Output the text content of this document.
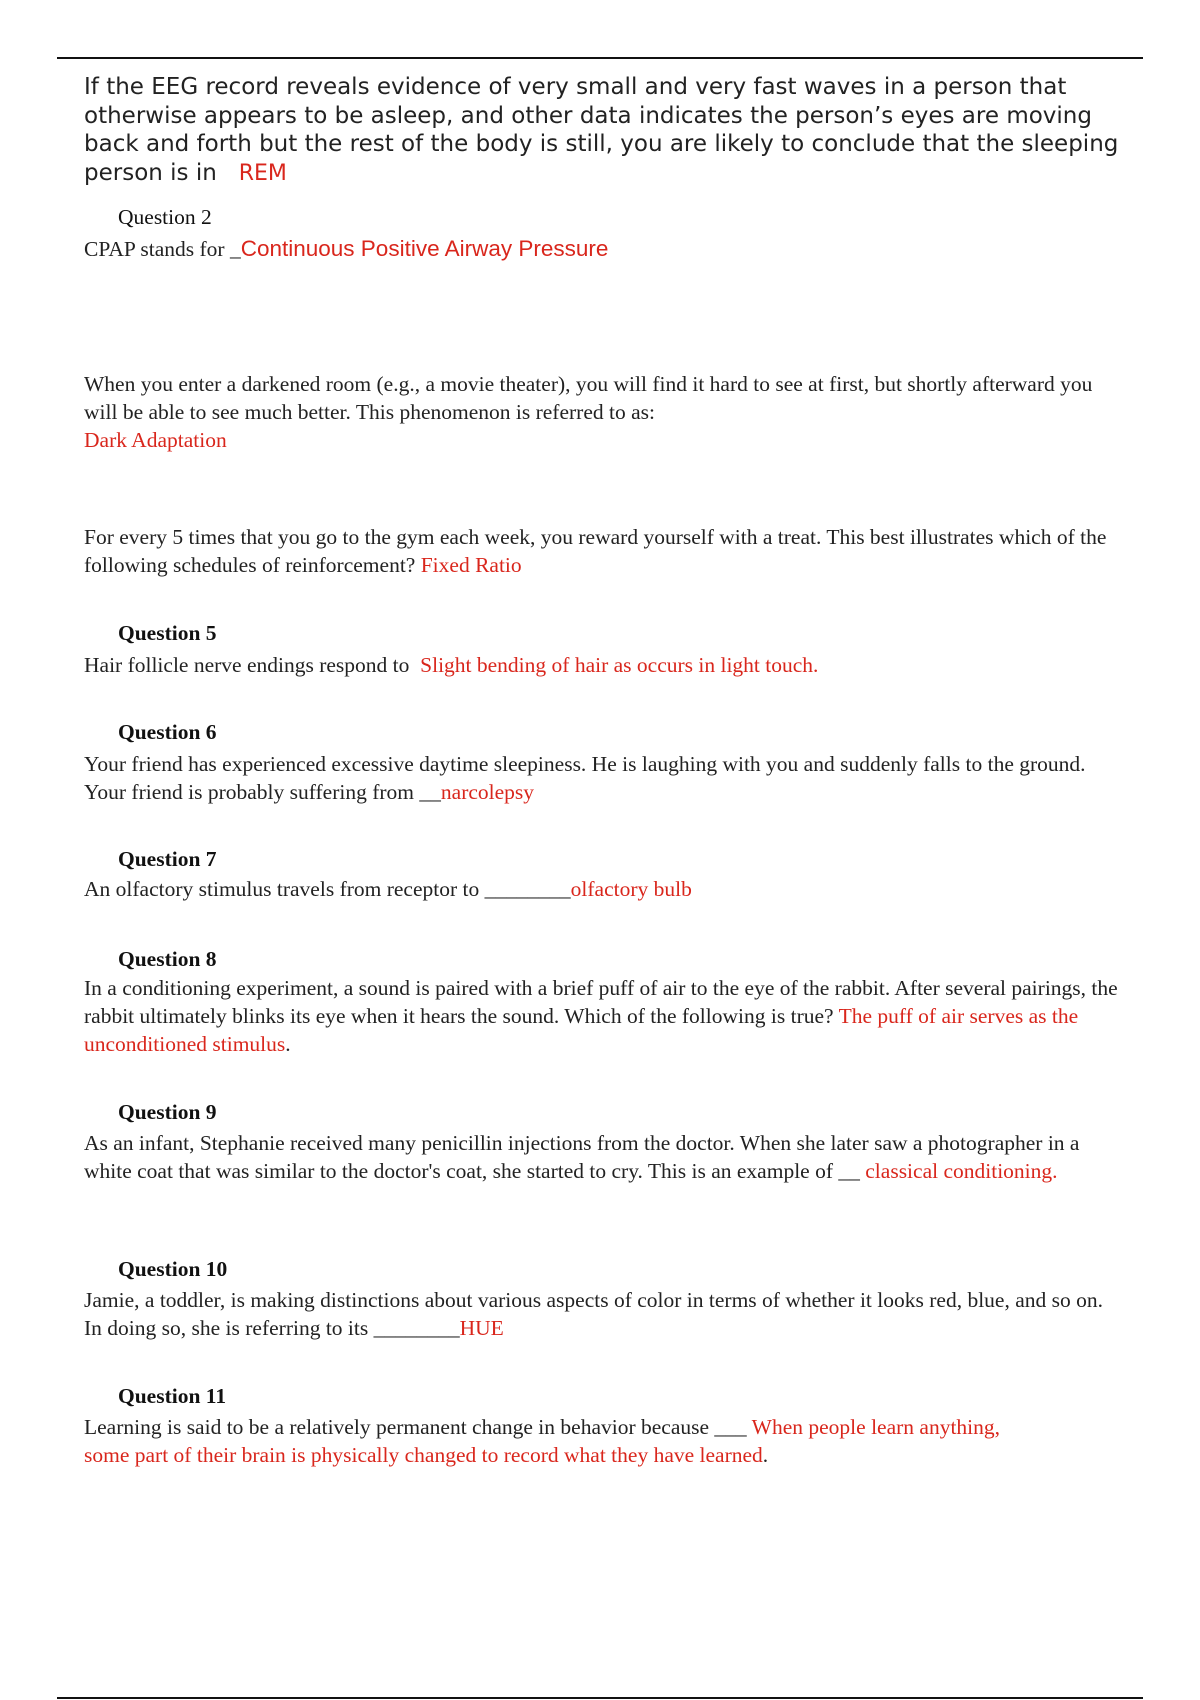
If the EEG record reveals evidence of very small and very fast waves in a person that otherwise appears to be asleep, and other data indicates the person’s eyes are moving back and forth but the rest of the body is still, you are likely to conclude that the sleeping person is in REM
Question 2
CPAP stands for _Continuous Positive Airway Pressure
When you enter a darkened room (e.g., a movie theater), you will find it hard to see at first, but shortly afterward you will be able to see much better. This phenomenon is referred to as:
Dark Adaptation
For every 5 times that you go to the gym each week, you reward yourself with a treat. This best illustrates which of the following schedules of reinforcement? Fixed Ratio
Question 5
Hair follicle nerve endings respond to Slight bending of hair as occurs in light touch.
Question 6
Your friend has experienced excessive daytime sleepiness. He is laughing with you and suddenly falls to the ground. Your friend is probably suffering from __narcolepsy
Question 7
An olfactory stimulus travels from receptor to ________olfactory bulb
Question 8
In a conditioning experiment, a sound is paired with a brief puff of air to the eye of the rabbit. After several pairings, the rabbit ultimately blinks its eye when it hears the sound. Which of the following is true? The puff of air serves as the unconditioned stimulus.
Question 9
As an infant, Stephanie received many penicillin injections from the doctor. When she later saw a photographer in a white coat that was similar to the doctor's coat, she started to cry. This is an example of __ classical conditioning.
Question 10
Jamie, a toddler, is making distinctions about various aspects of color in terms of whether it looks red, blue, and so on. In doing so, she is referring to its ________HUE
Question 11
Learning is said to be a relatively permanent change in behavior because ___ When people learn anything, some part of their brain is physically changed to record what they have learned.
